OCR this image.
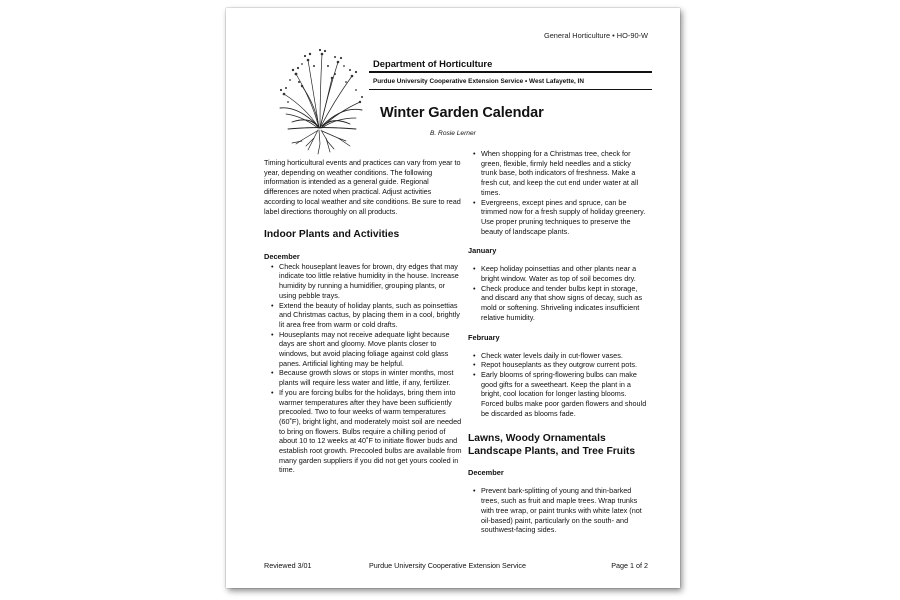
General Horticulture • HO-90-W
Department of Horticulture
Purdue University Cooperative Extension Service • West Lafayette, IN
Winter Garden Calendar
B. Rosie Lerner

Timing horticultural events and practices can vary from year to year, depending on weather conditions. The following information is intended as a general guide. Regional differences are noted when practical. Adjust activities according to local weather and site conditions. Be sure to read label directions thoroughly on all products.

Indoor Plants and Activities
December
• Check houseplant leaves for brown, dry edges that may indicate too little relative humidity in the house. Increase humidity by running a humidifier, grouping plants, or using pebble trays.
• Extend the beauty of holiday plants, such as poinsettias and Christmas cactus, by placing them in a cool, brightly lit area free from warm or cold drafts.
• Houseplants may not receive adequate light because days are short and gloomy. Move plants closer to windows, but avoid placing foliage against cold glass panes. Artificial lighting may be helpful.
• Because growth slows or stops in winter months, most plants will require less water and little, if any, fertilizer.
• If you are forcing bulbs for the holidays, bring them into warmer temperatures after they have been sufficiently precooled. Two to four weeks of warm temperatures (60˚F), bright light, and moderately moist soil are needed to bring on flowers. Bulbs require a chilling period of about 10 to 12 weeks at 40˚F to initiate flower buds and establish root growth. Precooled bulbs are available from many garden suppliers if you did not get yours cooled in time.
• When shopping for a Christmas tree, check for green, flexible, firmly held needles and a sticky trunk base, both indicators of freshness. Make a fresh cut, and keep the cut end under water at all times.
• Evergreens, except pines and spruce, can be trimmed now for a fresh supply of holiday greenery. Use proper pruning techniques to preserve the beauty of landscape plants.
January
• Keep holiday poinsettias and other plants near a bright window. Water as top of soil becomes dry.
• Check produce and tender bulbs kept in storage, and discard any that show signs of decay, such as mold or softening. Shriveling indicates insufficient relative humidity.
February
• Check water levels daily in cut-flower vases.
• Repot houseplants as they outgrow current pots.
• Early blooms of spring-flowering bulbs can make good gifts for a sweetheart. Keep the plant in a bright, cool location for longer lasting blooms. Forced bulbs make poor garden flowers and should be discarded as blooms fade.
Lawns, Woody Ornamentals Landscape Plants, and Tree Fruits
December
• Prevent bark-splitting of young and thin-barked trees, such as fruit and maple trees. Wrap trunks with tree wrap, or paint trunks with white latex (not oil-based) paint, particularly on the south- and southwest-facing sides.
Reviewed 3/01	Purdue University Cooperative Extension Service	Page 1 of 2
